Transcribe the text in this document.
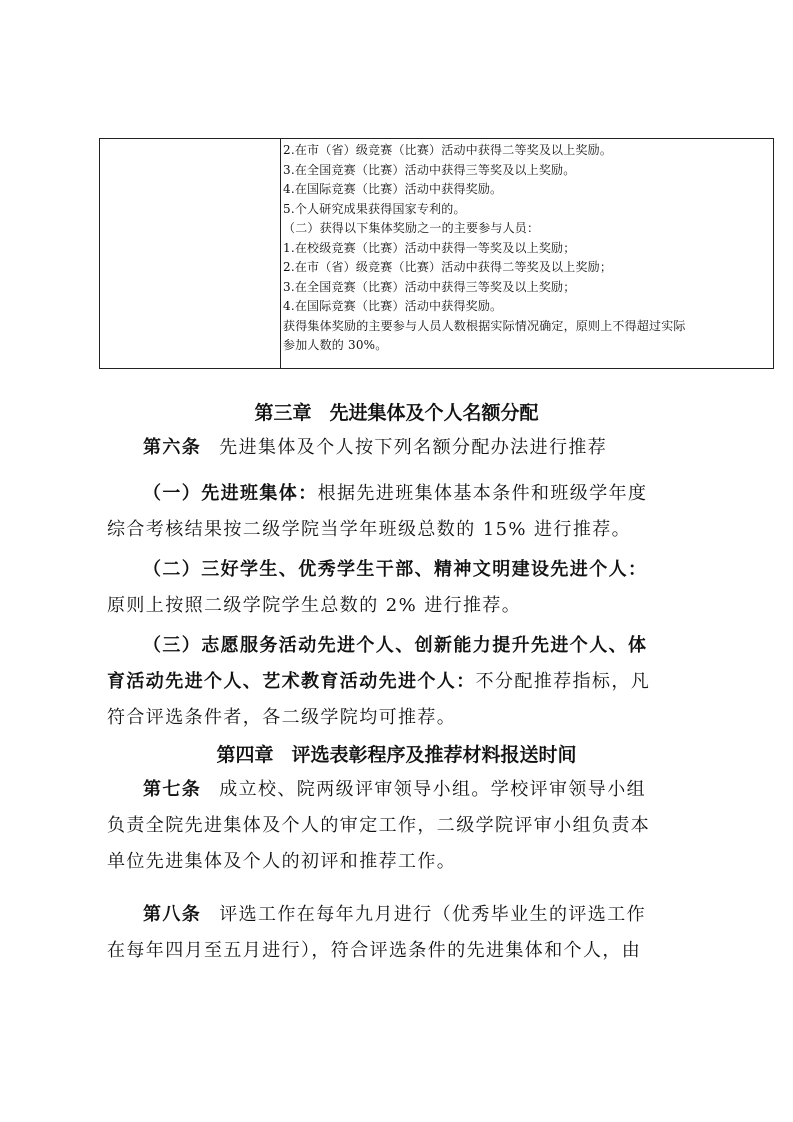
2.在市（省）级竞赛（比赛）活动中获得二等奖及以上奖励。
3.在全国竞赛（比赛）活动中获得三等奖及以上奖励。
4.在国际竞赛（比赛）活动中获得奖励。
5.个人研究成果获得国家专利的。
（二）获得以下集体奖励之一的主要参与人员：
1.在校级竞赛（比赛）活动中获得一等奖及以上奖励；
2.在市（省）级竞赛（比赛）活动中获得二等奖及以上奖励；
3.在全国竞赛（比赛）活动中获得三等奖及以上奖励；
4.在国际竞赛（比赛）活动中获得奖励。
获得集体奖励的主要参与人员人数根据实际情况确定，原则上不得超过实际
参加人数的 30%。
第三章 先进集体及个人名额分配
第六条 先进集体及个人按下列名额分配办法进行推荐
（一）先进班集体：根据先进班集体基本条件和班级学年度
综合考核结果按二级学院当学年班级总数的 15% 进行推荐。
（二）三好学生、优秀学生干部、精神文明建设先进个人：
原则上按照二级学院学生总数的 2% 进行推荐。
（三）志愿服务活动先进个人、创新能力提升先进个人、体
育活动先进个人、艺术教育活动先进个人：不分配推荐指标，凡
符合评选条件者，各二级学院均可推荐。
第四章 评选表彰程序及推荐材料报送时间
第七条 成立校、院两级评审领导小组。学校评审领导小组
负责全院先进集体及个人的审定工作，二级学院评审小组负责本
单位先进集体及个人的初评和推荐工作。
第八条 评选工作在每年九月进行（优秀毕业生的评选工作
在每年四月至五月进行），符合评选条件的先进集体和个人，由
